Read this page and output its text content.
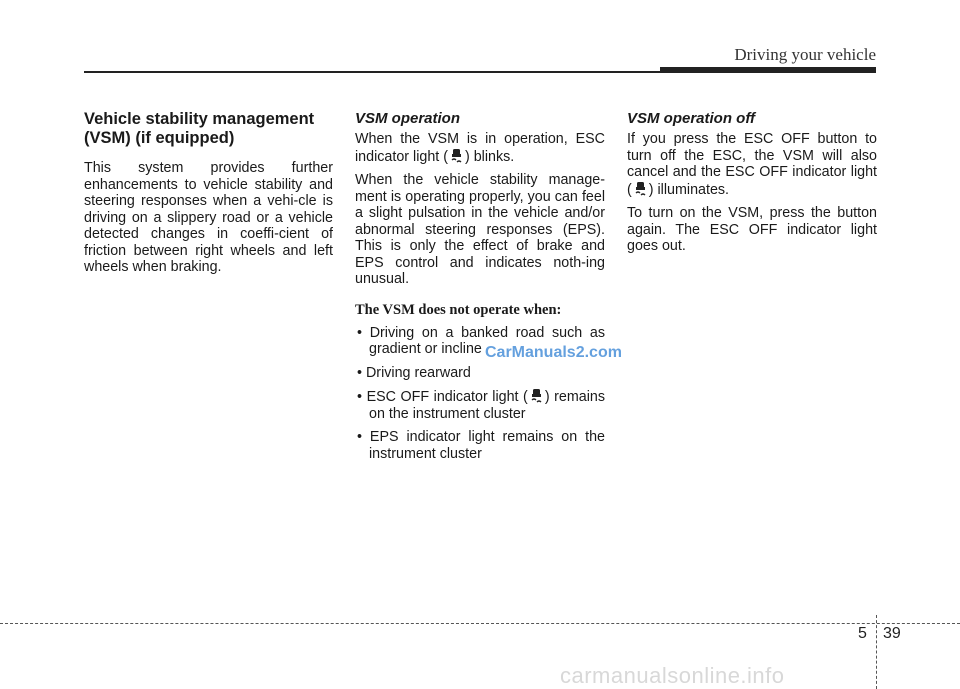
Driving your vehicle
Vehicle stability management (VSM) (if equipped)

This system provides further enhancements to vehicle stability and steering responses when a vehi-cle is driving on a slippery road or a vehicle detected changes in coeffi-cient of friction between right wheels and left wheels when braking.

VSM operation

When the VSM is in operation, ESC indicator light ( ) blinks.

When the vehicle stability manage-ment is operating properly, you can feel a slight pulsation in the vehicle and/or abnormal steering responses (EPS). This is only the effect of brake and EPS control and indicates noth-ing unusual.

The VSM does not operate when:
• Driving on a banked road such as gradient or incline
• Driving rearward
• ESC OFF indicator light ( ) remains on the instrument cluster
• EPS indicator light remains on the instrument cluster
VSM operation off

If you press the ESC OFF button to turn off the ESC, the VSM will also cancel and the ESC OFF indicator light ( ) illuminates.

To turn on the VSM, press the button again. The ESC OFF indicator light goes out.

CarManuals2.com
5 39
carmanualsonline.info
